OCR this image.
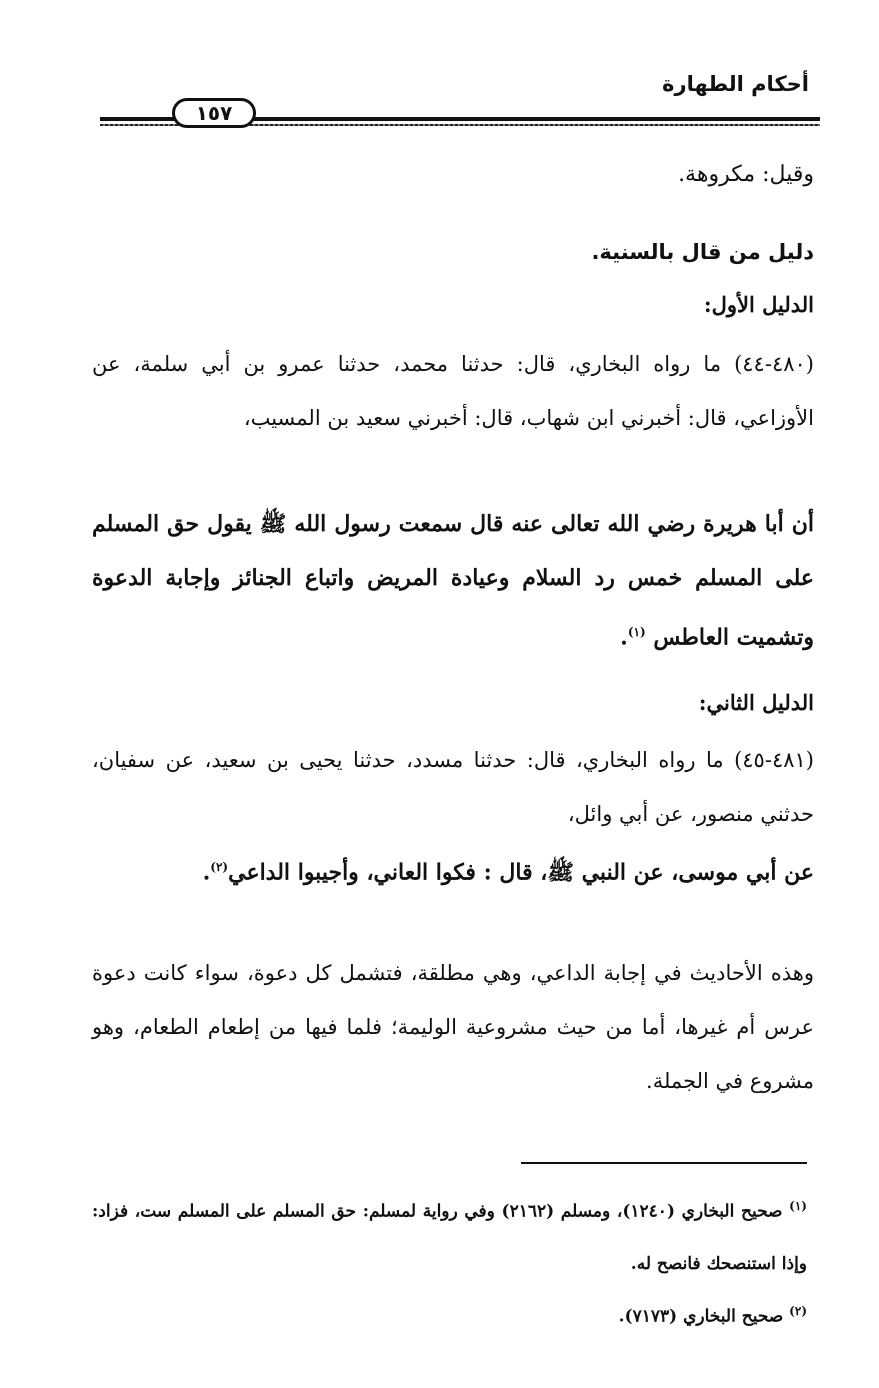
أحكام الطهارة
١٥٧
وقيل: مكروهة.
دليل من قال بالسنية.
الدليل الأول:
(٤٨٠-٤٤) ما رواه البخاري، قال: حدثنا محمد، حدثنا عمرو بن أبي سلمة، عن الأوزاعي، قال: أخبرني ابن شهاب، قال: أخبرني سعيد بن المسيب،
أن أبا هريرة رضي الله تعالى عنه قال سمعت رسول الله ﷺ يقول حق المسلم على المسلم خمس رد السلام وعيادة المريض واتباع الجنائز وإجابة الدعوة وتشميت العاطس $^{(١)}$.
الدليل الثاني:
(٤٨١-٤٥) ما رواه البخاري، قال: حدثنا مسدد، حدثنا يحيى بن سعيد، عن سفيان، حدثني منصور، عن أبي وائل،
عن أبي موسى، عن النبي ﷺ، قال : فكوا العاني، وأجيبوا الداعي$^{(٢)}$.
وهذه الأحاديث في إجابة الداعي، وهي مطلقة، فتشمل كل دعوة، سواء كانت دعوة عرس أم غيرها، أما من حيث مشروعية الوليمة؛ فلما فيها من إطعام الطعام، وهو مشروع في الجملة.
$^{(١)}$ صحيح البخاري (١٢٤٠)، ومسلم (٢١٦٢) وفي رواية لمسلم: حق المسلم على المسلم ست، فزاد: وإذا استنصحك فانصح له.
$^{(٢)}$ صحيح البخاري (٧١٧٣).
